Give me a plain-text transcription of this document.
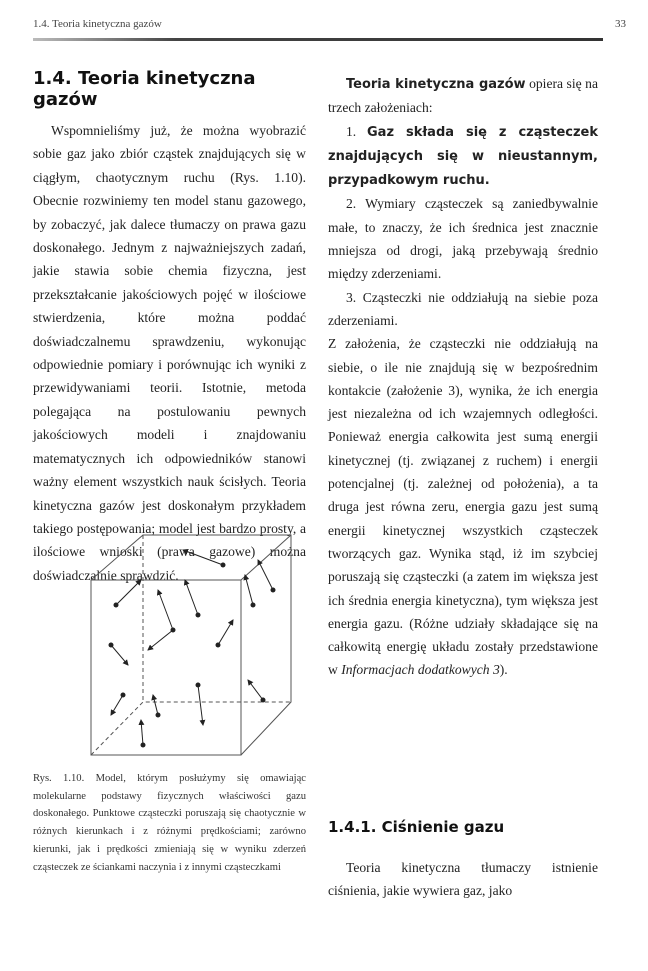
1.4. Teoria kinetyczna gazów	33
1.4. Teoria kinetyczna gazów

Wspomnieliśmy już, że można wyobrazić sobie gaz jako zbiór cząstek znajdujących się w ciągłym, chaotycznym ruchu (Rys. 1.10). Obecnie rozwiniemy ten model stanu gazowego, by zobaczyć, jak dalece tłumaczy on prawa gazu doskonałego. Jednym z najważniejszych zadań, jakie stawia sobie chemia fizyczna, jest przekształcanie jakościowych pojęć w ilościowe stwierdzenia, które można poddać doświadczalnemu sprawdzeniu, wykonując odpowiednie pomiary i porównując ich wyniki z przewidywaniami teorii. Istotnie, metoda polegająca na postulowaniu pewnych jakościowych modeli i znajdowaniu matematycznych ich odpowiedników stanowi ważny element wszystkich nauk ścisłych. Teoria kinetyczna gazów jest doskonałym przykładem takiego postępowania; model jest bardzo prosty, a ilościowe wnioski (prawa gazowe) można doświadczalnie sprawdzić.

Teoria kinetyczna gazów opiera się na trzech założeniach:

1. Gaz składa się z cząsteczek znajdujących się w nieustannym, przypadkowym ruchu.

2. Wymiary cząsteczek są zaniedbywalnie małe, to znaczy, że ich średnica jest znacznie mniejsza od drogi, jaką przebywają średnio między zderzeniami.

3. Cząsteczki nie oddziałują na siebie poza zderzeniami.

Z założenia, że cząsteczki nie oddziałują na siebie, o ile nie znajdują się w bezpośrednim kontakcie (założenie 3), wynika, że ich energia jest niezależna od ich wzajemnych odległości. Ponieważ energia całkowita jest sumą energii kinetycznej (tj. związanej z ruchem) i energii potencjalnej (tj. zależnej od położenia), a ta druga jest równa zeru, energia gazu jest sumą energii kinetycznej wszystkich cząsteczek tworzących gaz. Wynika stąd, iż im szybciej poruszają się cząsteczki (a zatem im większa jest ich średnia energia kinetyczna), tym większa jest energia gazu. (Różne udziały składające się na całkowitą energię układu zostały przedstawione w Informacjach dodatkowych 3).

Rys. 1.10. Model, którym posłużymy się omawiając molekularne podstawy fizycznych właściwości gazu doskonałego. Punktowe cząsteczki poruszają się chaotycznie w różnych kierunkach i z różnymi prędkościami; zarówno kierunki, jak i prędkości zmieniają się w wyniku zderzeń cząsteczek ze ściankami naczynia i z innymi cząsteczkami

1.4.1. Ciśnienie gazu

Teoria kinetyczna tłumaczy istnienie ciśnienia, jakie wywiera gaz, jako
